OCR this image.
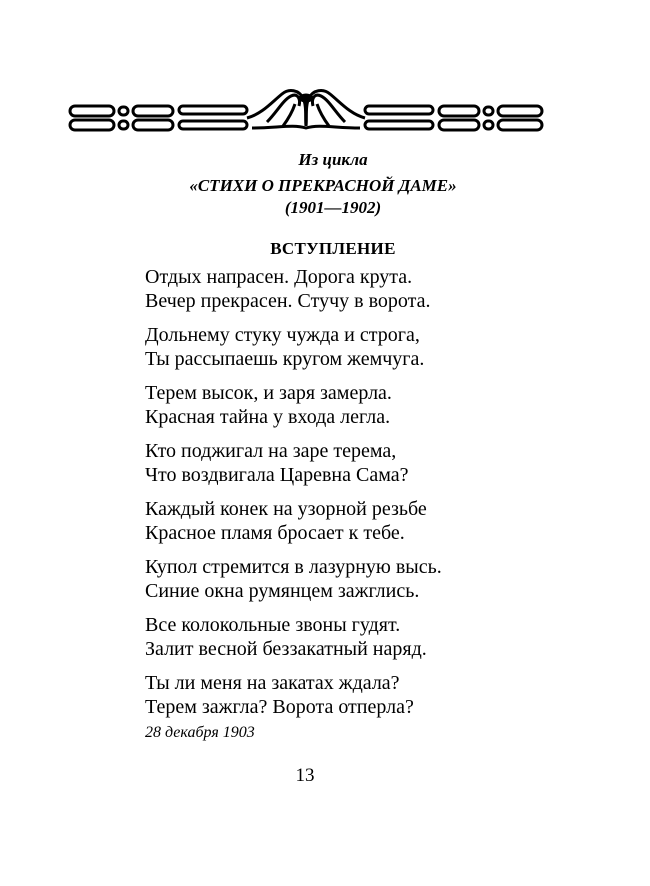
Из цикла

«СТИХИ О ПРЕКРАСНОЙ ДАМЕ»

(1901—1902)

ВСТУПЛЕНИЕ
Отдых напрасен. Дорога крута.
Вечер прекрасен. Стучу в ворота.
Дольнему стуку чужда и строга,
Ты рассыпаешь кругом жемчуга.
Терем высок, и заря замерла.
Красная тайна у входа легла.
Кто поджигал на заре терема,
Что воздвигала Царевна Сама?
Каждый конек на узорной резьбе
Красное пламя бросает к тебе.
Купол стремится в лазурную высь.
Синие окна румянцем зажглись.
Все колокольные звоны гудят.
Залит весной беззакатный наряд.
Ты ли меня на закатах ждала?
Терем зажгла? Ворота отперла?
28 декабря 1903
13
